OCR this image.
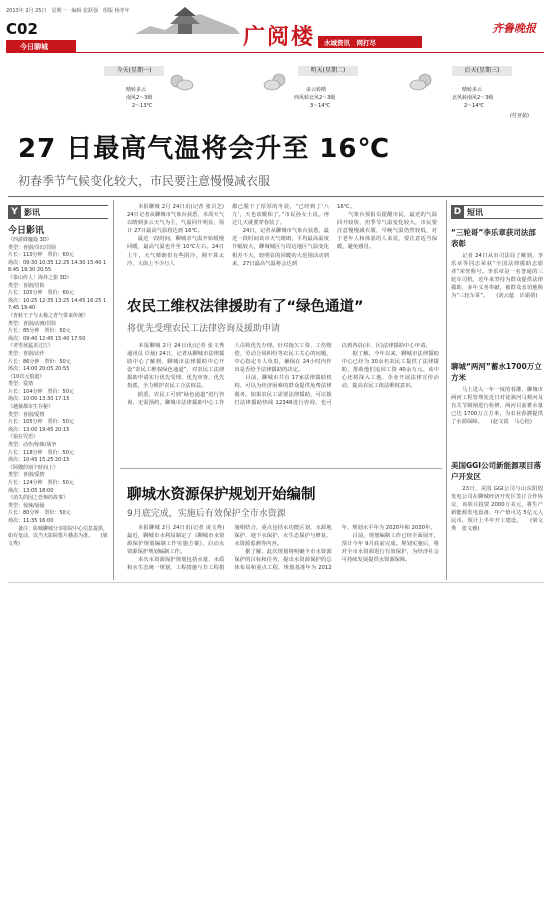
2013年 2月 25日　星期一　编辑 张跃强　组版 杨孝年
C02
今日聊城	广阅楼 水城资讯　网打尽
齐鲁晚报
今天(星期一)
晴转多云
南风2～3级
2～13℃
明天(星期二)
多云转晴
西风转北风2～3级
3～14℃
后天(星期三)
晴转多云
北风转南风2～3级
2～14℃
(付亚茹)
27 日最高气温将会升至 16℃
初春季节气候变化较大，市民要注意慢慢减衣服
Y 影讯
今日影讯
《西游降魔篇 3D》
类型：喜剧/奇幻/冒险
片长：110分钟　票价：60元
场次：09:30 10:35 12:25 14:30 15:40 18:45 19:30 20:55
《泰山传人！海外之旅 3D》
类型：喜剧/冒险
片长：105分钟　票价：60元
场次：10:25 12:35 13:25 14:45 16:25 17:45 19:40
《青蛙王子与太极之青气带来传统》
类型：喜剧/动画/冒险
片长：85分钟　票价：50元
场次：09:40 12:45 15:40 17:50
《老男孩猛龙过江》
类型：喜剧/动作
片长：86分钟　票价：50元
场次：14:00 20:05 20:55
《10次元狼道》
类型：爱情
片长：104分钟　票价：50元
场次：10:00 13:30 17:15
《越狱都市生存秘》
类型：喜剧/爱情
片长：105分钟　票价：50元
场次：13:00 19:45 20:15
《狼在咒语》
类型：动作/惊悚/战争
片长：118分钟　票价：50元
场次：10:45 15:25 20:15
《阿嫂的别个时间上》
类型：喜剧/爱情
片长：124分钟　票价：50元
场次：13:05 18:00
《消失的因之恐怖的故事》
类型：惊悚/悬疑
片长：80分钟　票价：50元
场次：11:35 16:00
　　备注：影城聊城分享影院中心信息提供，如有变动，以当天影院排片播表为准。　　(梁文秀)
　　本报聊城 2月 24日讯(记者 张召芝) 24日记者从聊城市气象台获悉，本周天气以晴到多云天气为主，气温回升明显，预计 27日最高气温将达到 16℃。
　　最近一段时间，聊城市气温开始缓慢回暖，最高气温也升至 10℃左右。24日上午，天气晴朗但有些阴冷，刚不算太冷，大街上不少行人
都已脱下了厚厚的冬装，“已经到了‘八九’，天也该暖和了。”市民孙女士说，再过几天就要穿春装了。
　　24日，记者从聊城市气象台获悉，最近一段时间该市天气晴朗，平均最高温度升幅较大，聊城城区与周边地区气温变化相差不大，较明显的回暖的大范围活动到来，27日最高气温将会达到
16℃。
　　气象台预报员提醒市民，最近的气温回升较快，但季节气温变化较大，市民要注意慢慢减衣服，早晚气温仍然较低，对于老年人和体弱的人来说，要注意适当保暖，避免感冒。
D 短讯
“三轮哥”李乐章获司法部表彰
　　记者 24日从市司法局了解到，李乐章等同志荣获“全国法律援助志愿者”荣誉称号。李乐章是一名普通的三轮车司机，近年来坚持为群众提供法律援助，多年义务奉献，被群众亲切地称为“三轮车哥”。　　(刘云蕴　许霜倩)
聊城“两河”蓄水1700万立方米
　　马上进入一年一度的春灌，聊城市两河工程管理处近日对徒骇河马颊河及有关节制闸进行检修，两河目前蓄水量已达 1700万立方米，为农业春灌提供了水源保障。　　(赵文霞　马心桂)
美国GGI公司新能源项目落户开发区
　　23日，美国 GGI公司与山东阳煌发电公司在聊城经济开发区签订合作协议，该项目投资 2000万美元，将生产新能源发电设备，年产值可达 5亿元人民币，预计上半年开工建设。　　(梁文秀　张文雅)
农民工维权法律援助有了“绿色通道”
将优先受理农民工法律咨询及援助申请
　　本报聊城 2月 24日讯(记者 张文秀 通讯员 许灿) 24日，记者从聊城市法律援助中心了解到，聊城市法律援助中心开设“农民工维权绿色通道”，对农民工法律援助申请实行优先受理、优先审查、优先指派，全力维护农民工合法权益。
　　据悉，农民工可到“绿色通道”进行咨询，无需预约，聊城市法律援助中心工作人员将优先办理。针对拖欠工资、工伤赔偿、劳动合同纠纷等农民工关心的问题，中心指定专人负责，确保在 24小时内作出是否给予法律援助的决定。
　　目前，聊城市共有 17家法律援助机构，可以为经济困难的群众提供免费法律服务。如果农民工需要法律援助，可以拨打法律援助热线 12348进行咨询，也可以到各县(市、区)法律援助中心申请。
　　据了解，今年以来，聊城市法律援助中心已经为 30余名农民工提供了法律援助，帮助他们追回工资 40余万元。该中心还将深入工地、企业开展法律宣传活动，提高农民工依法维权意识。
聊城水资源保护规划开始编制
9月底完成，实施后有效保护全市水资源
　　本报聊城 2月 24日讯(记者 凌文秀) 最近，聊城市水利局制定了《聊城市水资源保护规划编制工作实施方案》，启动水资源保护规划编制工作。
　　本次水资源保护规划包括水量、水质和水生态统一规划，工程措施与非工程措施相结合，重点包括水功能区划、水源地保护、地下水保护、水生态保护与修复、水资源监测等内容。
　　据了解，此次规划将明确全市水资源保护的目标和任务，提出水资源保护的总体布局和重点工程，规划基准年为 2012年，规划水平年为 2020年和 2030年。
　　目前，规划编制工作已经全面展开，预计今年 9月底前完成。规划实施后，将对全市水资源进行有效保护，为经济社会可持续发展提供水资源保障。
